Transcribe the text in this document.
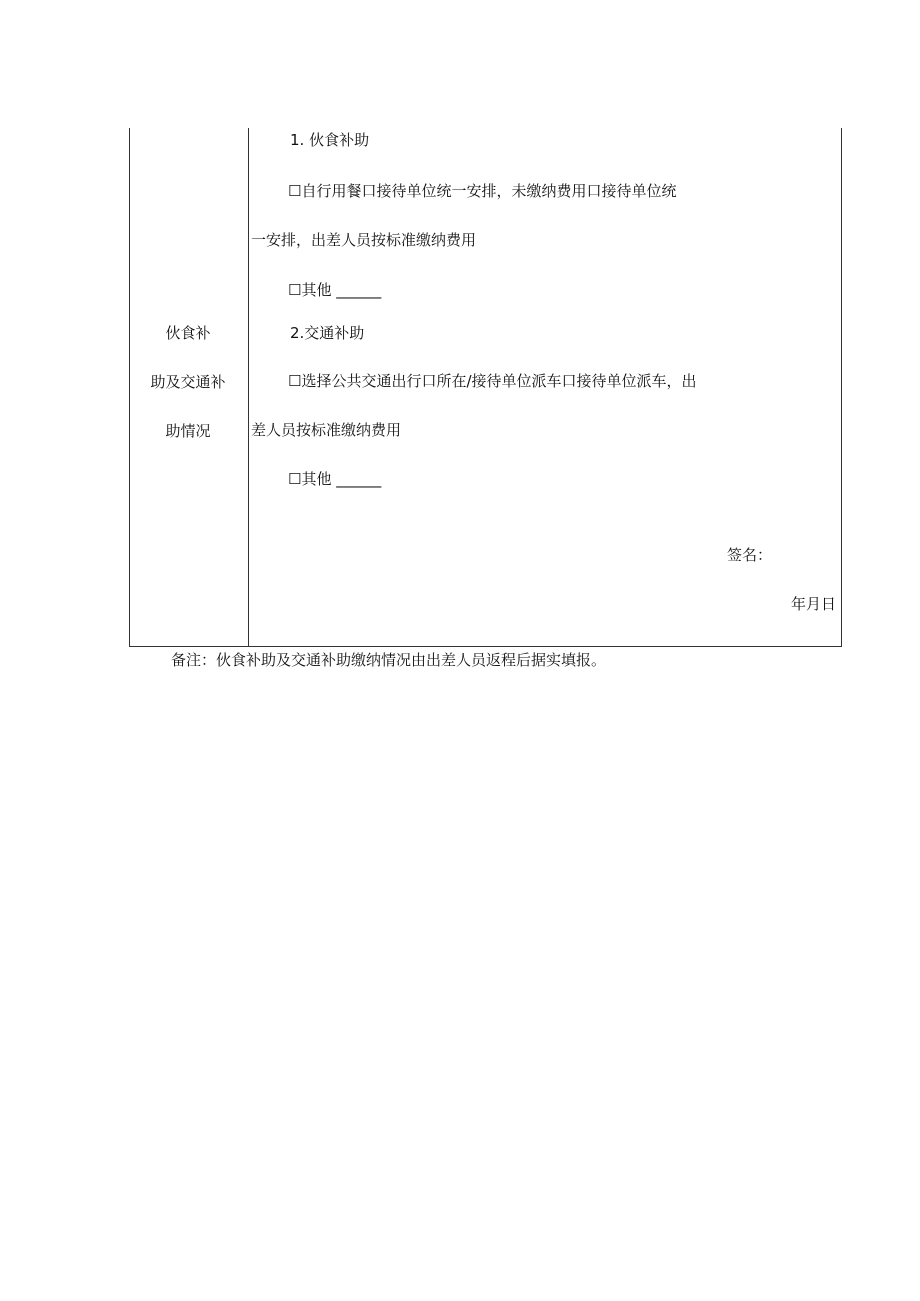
伙食补
助及交通补
助情况
1. 伙食补助
☐自行用餐口接待单位统一安排，未缴纳费用口接待单位统
一安排，出差人员按标准缴纳费用
☐其他 ______
2.交通补助
☐选择公共交通出行口所在/接待单位派车口接待单位派车，出
差人员按标准缴纳费用
☐其他 ______
签名：
年月日
备注：伙食补助及交通补助缴纳情况由出差人员返程后据实填报。
